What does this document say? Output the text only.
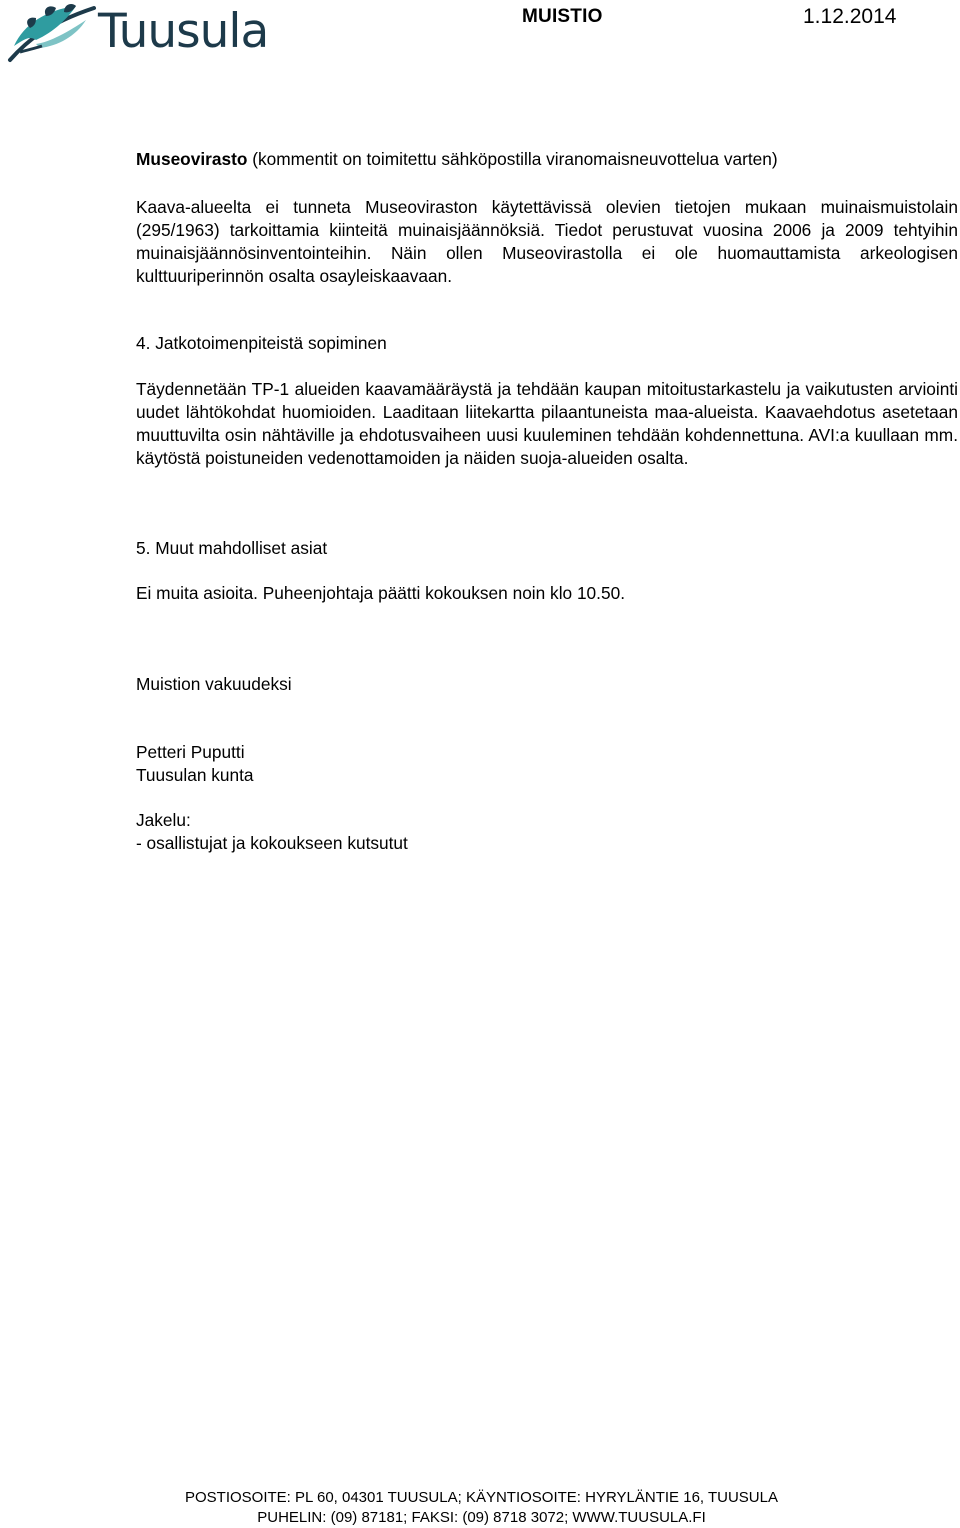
Tuusula	MUISTIO	1.12.2014

Museovirasto (kommentit on toimitettu sähköpostilla viranomaisneuvottelua varten)

Kaava-alueelta ei tunneta Museoviraston käytettävissä olevien tietojen mukaan muinaismuistolain (295/1963) tarkoittamia kiinteitä muinaisjäännöksiä. Tiedot perustuvat vuosina 2006 ja 2009 tehtyihin muinaisjäännösinventointeihin. Näin ollen Museovirastolla ei ole huomauttamista arkeologisen kulttuuriperinnön osalta osayleiskaavaan.

4. Jatkotoimenpiteistä sopiminen

Täydennetään TP-1 alueiden kaavamääräystä ja tehdään kaupan mitoitustarkastelu ja vaikutusten arviointi uudet lähtökohdat huomioiden. Laaditaan liitekartta pilaantuneista maa-alueista. Kaavaehdotus asetetaan muuttuvilta osin nähtäville ja ehdotusvaiheen uusi kuuleminen tehdään kohdennettuna. AVI:a kuullaan mm. käytöstä poistuneiden vedenottamoiden ja näiden suoja-alueiden osalta.

5. Muut mahdolliset asiat

Ei muita asioita. Puheenjohtaja päätti kokouksen noin klo 10.50.

Muistion vakuudeksi

Petteri Puputti

Tuusulan kunta

Jakelu:

- osallistujat ja kokoukseen kutsutut

POSTIOSOITE: PL 60, 04301 TUUSULA; KÄYNTIOSOITE: HYRYLÄNTIE 16, TUUSULA
PUHELIN: (09) 87181; FAKSI: (09) 8718 3072; WWW.TUUSULA.FI
